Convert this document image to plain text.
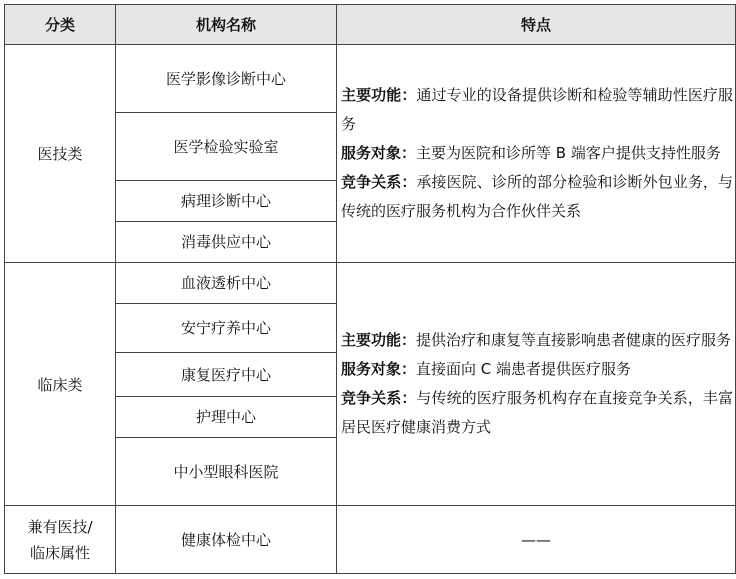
分类	机构名称	特点
医技类	医学影像诊断中心	主要功能：通过专业的设备提供诊断和检验等辅助性医疗服务
服务对象：主要为医院和诊所等 B 端客户提供支持性服务
竞争关系：承接医院、诊所的部分检验和诊断外包业务，与传统的医疗服务机构为合作伙伴关系

	医学检验实验室	
	病理诊断中心	
	消毒供应中心	
临床类	血液透析中心	主要功能：提供治疗和康复等直接影响患者健康的医疗服务
服务对象：直接面向 C 端患者提供医疗服务
竞争关系：与传统的医疗服务机构存在直接竞争关系，丰富居民医疗健康消费方式

	安宁疗养中心	
	康复医疗中心	
	护理中心	
	中小型眼科医院	
兼有医技/临床属性	健康体检中心	——
